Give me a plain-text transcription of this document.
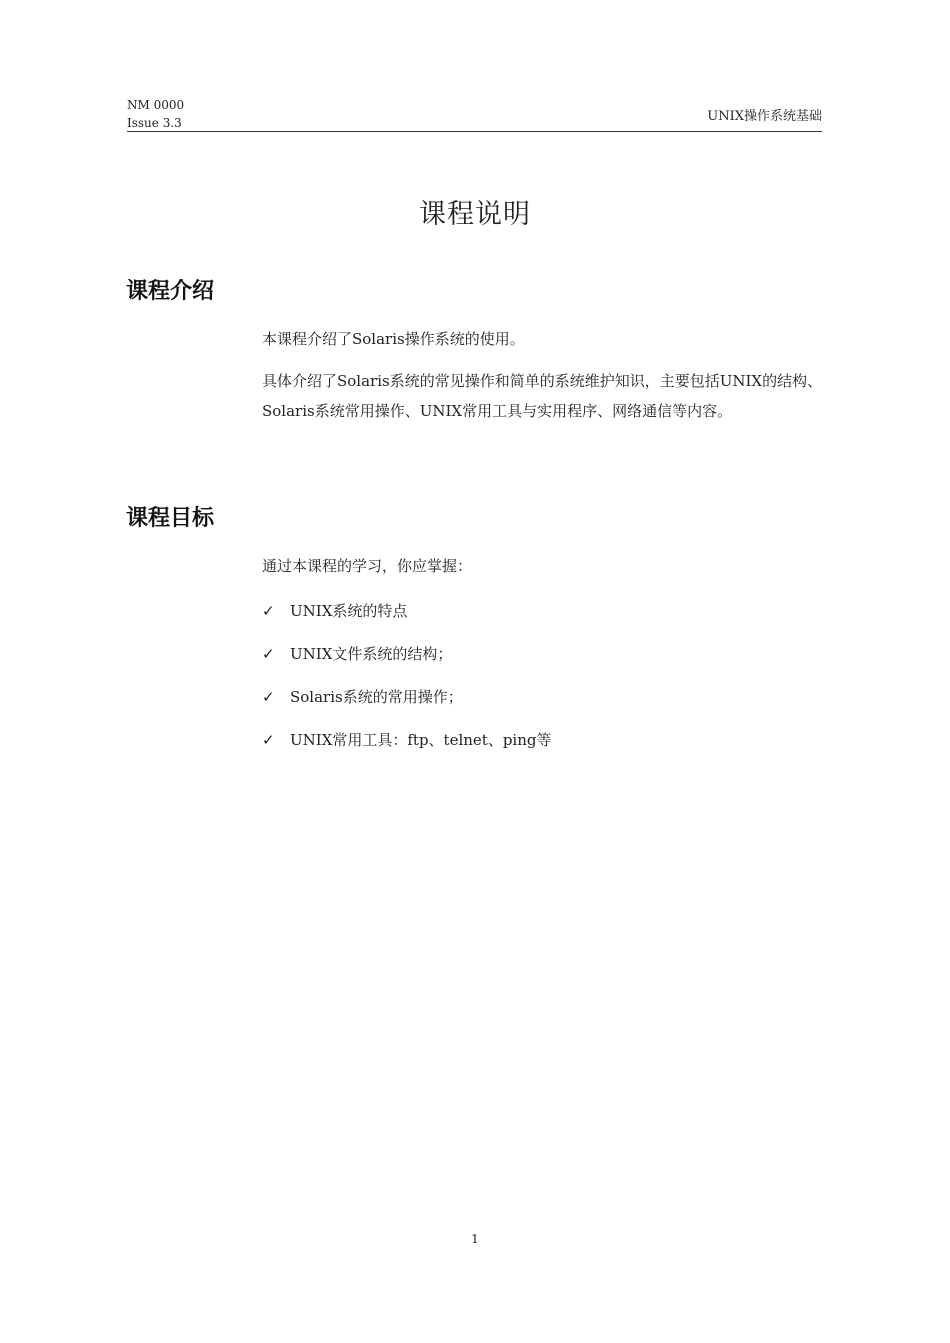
NM 0000
Issue 3.3	UNIX操作系统基础
课程说明
课程介绍
本课程介绍了Solaris操作系统的使用。
具体介绍了Solaris系统的常见操作和简单的系统维护知识，主要包括UNIX的结构、Solaris系统常用操作、UNIX常用工具与实用程序、网络通信等内容。
课程目标
通过本课程的学习，你应掌握：
✓	UNIX系统的特点
✓	UNIX文件系统的结构；
✓	Solaris系统的常用操作；
✓	UNIX常用工具：ftp、telnet、ping等
1
